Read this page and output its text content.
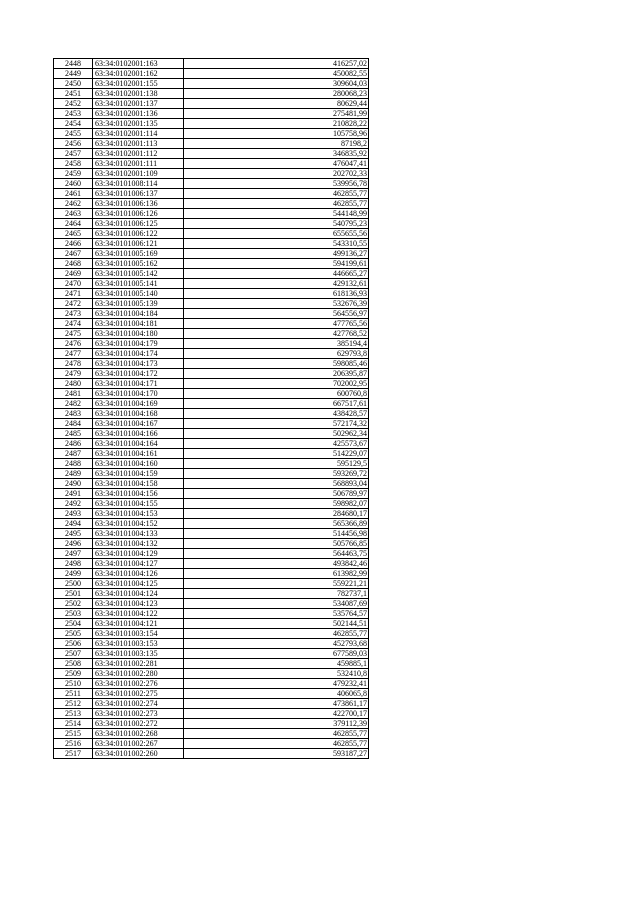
2448	63:34:0102001:163	416257,02
2449	63:34:0102001:162	450082,55
2450	63:34:0102001:155	309604,03
2451	63:34:0102001:138	280068,23
2452	63:34:0102001:137	80629,44
2453	63:34:0102001:136	275481,99
2454	63:34:0102001:135	210828,22
2455	63:34:0102001:114	105758,96
2456	63:34:0102001:113	87198,2
2457	63:34:0102001:112	346835,92
2458	63:34:0102001:111	476047,41
2459	63:34:0102001:109	202702,33
2460	63:34:0101008:114	539956,78
2461	63:34:0101006:137	462855,77
2462	63:34:0101006:136	462855,77
2463	63:34:0101006:126	544148,99
2464	63:34:0101006:125	540795,23
2465	63:34:0101006:122	655655,56
2466	63:34:0101006:121	543310,55
2467	63:34:0101005:169	499136,27
2468	63:34:0101005:162	594199,61
2469	63:34:0101005:142	446665,27
2470	63:34:0101005:141	429132,61
2471	63:34:0101005:140	618136,93
2472	63:34:0101005:139	532676,39
2473	63:34:0101004:184	564556,97
2474	63:34:0101004:181	477765,56
2475	63:34:0101004:180	427768,52
2476	63:34:0101004:179	385194,4
2477	63:34:0101004:174	629793,8
2478	63:34:0101004:173	598085,46
2479	63:34:0101004:172	206395,87
2480	63:34:0101004:171	702002,95
2481	63:34:0101004:170	600760,8
2482	63:34:0101004:169	667517,61
2483	63:34:0101004:168	438428,57
2484	63:34:0101004:167	572174,32
2485	63:34:0101004:166	502962,34
2486	63:34:0101004:164	425573,67
2487	63:34:0101004:161	514229,07
2488	63:34:0101004:160	595129,5
2489	63:34:0101004:159	593269,72
2490	63:34:0101004:158	568893,04
2491	63:34:0101004:156	506789,97
2492	63:34:0101004:155	598982,07
2493	63:34:0101004:153	284680,17
2494	63:34:0101004:152	565366,89
2495	63:34:0101004:133	514456,98
2496	63:34:0101004:132	505766,85
2497	63:34:0101004:129	564463,75
2498	63:34:0101004:127	493842,46
2499	63:34:0101004:126	613982,99
2500	63:34:0101004:125	559221,21
2501	63:34:0101004:124	782737,1
2502	63:34:0101004:123	534087,69
2503	63:34:0101004:122	535764,57
2504	63:34:0101004:121	502144,51
2505	63:34:0101003:154	462855,77
2506	63:34:0101003:153	452793,68
2507	63:34:0101003:135	677589,03
2508	63:34:0101002:281	459885,1
2509	63:34:0101002:280	532410,8
2510	63:34:0101002:276	479232,41
2511	63:34:0101002:275	406065,8
2512	63:34:0101002:274	473861,17
2513	63:34:0101002:273	422700,17
2514	63:34:0101002:272	379112,39
2515	63:34:0101002:268	462855,77
2516	63:34:0101002:267	462855,77
2517	63:34:0101002:260	593187,27
